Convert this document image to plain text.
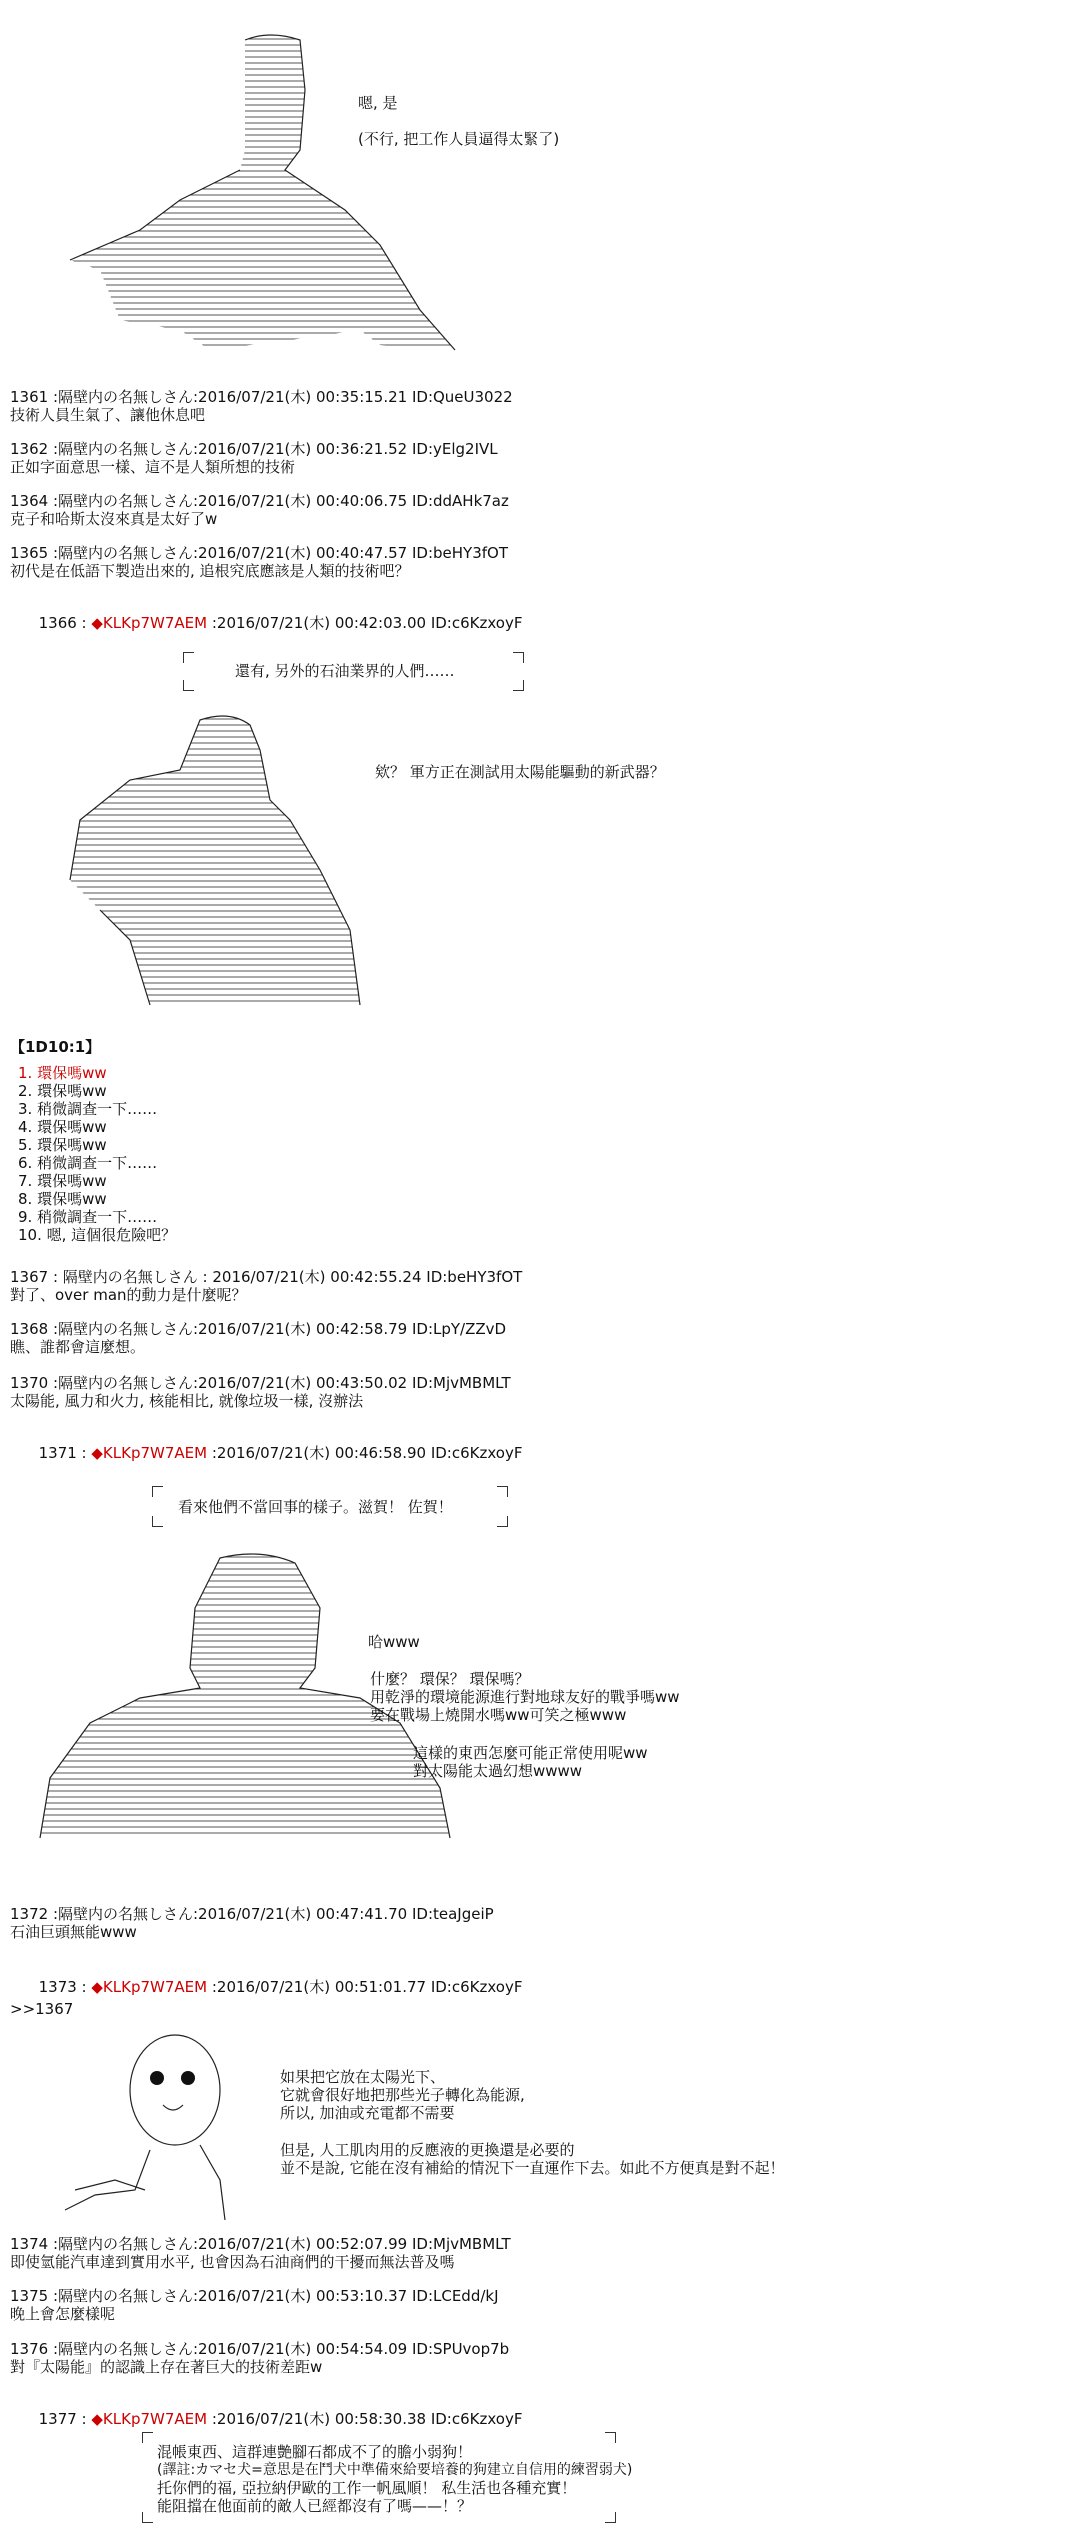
嗯, 是
(不行, 把工作人員逼得太緊了)
1361 :隔壁内の名無しさん:2016/07/21(木) 00:35:15.21 ID:QueU3022
技術人員生氣了、讓他休息吧
1362 :隔壁内の名無しさん:2016/07/21(木) 00:36:21.52 ID:yElg2IVL
正如字面意思一樣、這不是人類所想的技術
1364 :隔壁内の名無しさん:2016/07/21(木) 00:40:06.75 ID:ddAHk7az
克子和哈斯太沒來真是太好了w
1365 :隔壁内の名無しさん:2016/07/21(木) 00:40:47.57 ID:beHY3fOT
初代是在低語下製造出來的, 追根究底應該是人類的技術吧？

1366 : ◆KLKp7W7AEM :2016/07/21(木) 00:42:03.00 ID:c6KzxoyF

還有, 另外的石油業界的人們……
欸？ 軍方正在測試用太陽能驅動的新武器？
【1D10:1】
1. 環保嗎ww
2. 環保嗎ww
3. 稍微調查一下……
4. 環保嗎ww
5. 環保嗎ww
6. 稍微調查一下……
7. 環保嗎ww
8. 環保嗎ww
9. 稍微調查一下……
10. 嗯, 這個很危險吧？
1367 : 隔壁内の名無しさん : 2016/07/21(木) 00:42:55.24 ID:beHY3fOT
對了、over man的動力是什麼呢？
1368 :隔壁内の名無しさん:2016/07/21(木) 00:42:58.79 ID:LpY/ZZvD
瞧、誰都會這麼想。
1370 :隔壁内の名無しさん:2016/07/21(木) 00:43:50.02 ID:MjvMBMLT
太陽能, 風力和火力, 核能相比, 就像垃圾一樣, 沒辦法

1371 : ◆KLKp7W7AEM :2016/07/21(木) 00:46:58.90 ID:c6KzxoyF

看來他們不當回事的樣子。滋賀！ 佐賀！
哈www
什麼？ 環保？ 環保嗎？
用乾淨的環境能源進行對地球友好的戰爭嗎ww
要在戰場上燒開水嗎ww可笑之極www
這樣的東西怎麼可能正常使用呢ww
對太陽能太過幻想wwww
1372 :隔壁内の名無しさん:2016/07/21(木) 00:47:41.70 ID:teaJgeiP
石油巨頭無能www

1373 : ◆KLKp7W7AEM :2016/07/21(木) 00:51:01.77 ID:c6KzxoyF

>>1367
如果把它放在太陽光下、
它就會很好地把那些光子轉化為能源,
所以, 加油或充電都不需要
但是, 人工肌肉用的反應液的更換還是必要的
並不是說, 它能在沒有補給的情況下一直運作下去。如此不方便真是對不起！
1374 :隔壁内の名無しさん:2016/07/21(木) 00:52:07.99 ID:MjvMBMLT
即使氫能汽車達到實用水平, 也會因為石油商們的干擾而無法普及嗎
1375 :隔壁内の名無しさん:2016/07/21(木) 00:53:10.37 ID:LCEdd/kJ
晚上會怎麼樣呢
1376 :隔壁内の名無しさん:2016/07/21(木) 00:54:54.09 ID:SPUvop7b
對『太陽能』的認識上存在著巨大的技術差距w

1377 : ◆KLKp7W7AEM :2016/07/21(木) 00:58:30.38 ID:c6KzxoyF

混帳東西、這群連艶腳石都成不了的膽小弱狗！
(譯註:カマセ犬=意思是在鬥犬中準備來給要培養的狗建立自信用的練習弱犬)
托你們的福, 亞拉納伊歐的工作一帆風順！ 私生活也各種充實！
能阻擋在他面前的敵人已經都沒有了嗎——！？
